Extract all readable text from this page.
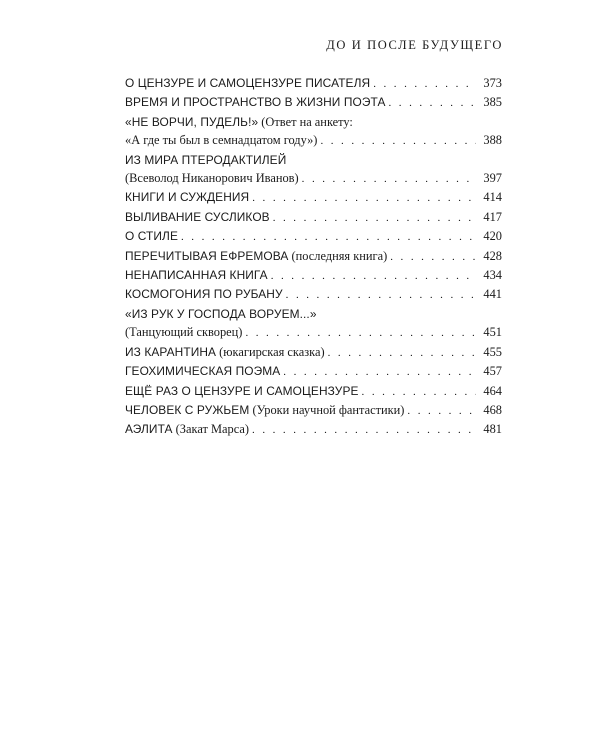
ДО И ПОСЛЕ БУДУЩЕГО
О ЦЕНЗУРЕ И САМОЦЕНЗУРЕ ПИСАТЕЛЯ . . .	373
ВРЕМЯ И ПРОСТРАНСТВО В ЖИЗНИ ПОЭТА . . .	385
«НЕ ВОРЧИ, ПУДЕЛЬ!» (Ответ на анкету:
«А где ты был в семнадцатом году») . . .	388
ИЗ МИРА ПТЕРОДАКТИЛЕЙ
(Всеволод Никанорович Иванов) . . .	397
КНИГИ И СУЖДЕНИЯ . . .	414
ВЫЛИВАНИЕ СУСЛИКОВ . . .	417
О СТИЛЕ . . .	420
ПЕРЕЧИТЫВАЯ ЕФРЕМОВА (последняя книга) . . .	428
НЕНАПИСАННАЯ КНИГА . . .	434
КОСМОГОНИЯ ПО РУБАНУ . . .	441
«ИЗ РУК У ГОСПОДА ВОРУЕМ...»
(Танцующий скворец) . . .	451
ИЗ КАРАНТИНА (юкагирская сказка) . . .	455
ГЕОХИМИЧЕСКАЯ ПОЭМА . . .	457
ЕЩЁ РАЗ О ЦЕНЗУРЕ И САМОЦЕНЗУРЕ . . .	464
ЧЕЛОВЕК С РУЖЬЕМ (Уроки научной фантастики) . . .	468
АЭЛИТА (Закат Марса) . . .	481
